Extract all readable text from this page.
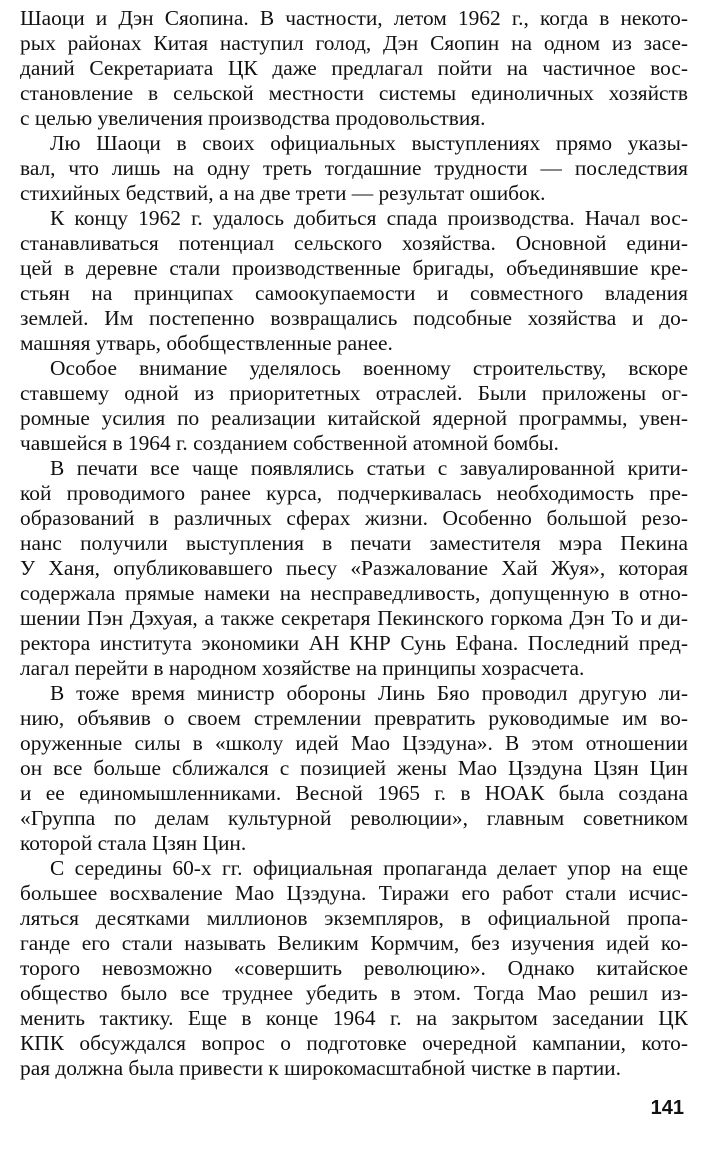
Шаоци и Дэн Сяопина. В частности, летом 1962 г., когда в некото-
рых районах Китая наступил голод, Дэн Сяопин на одном из засе-
даний Секретариата ЦК даже предлагал пойти на частичное вос-
становление в сельской местности системы единоличных хозяйств
с целью увеличения производства продовольствия.
Лю Шаоци в своих официальных выступлениях прямо указы-
вал, что лишь на одну треть тогдашние трудности — последствия
стихийных бедствий, а на две трети — результат ошибок.
К концу 1962 г. удалось добиться спада производства. Начал вос-
станавливаться потенциал сельского хозяйства. Основной едини-
цей в деревне стали производственные бригады, объединявшие кре-
стьян на принципах самоокупаемости и совместного владения
землей. Им постепенно возвращались подсобные хозяйства и до-
машняя утварь, обобществленные ранее.
Особое внимание уделялось военному строительству, вскоре
ставшему одной из приоритетных отраслей. Были приложены ог-
ромные усилия по реализации китайской ядерной программы, увен-
чавшейся в 1964 г. созданием собственной атомной бомбы.
В печати все чаще появлялись статьи с завуалированной крити-
кой проводимого ранее курса, подчеркивалась необходимость пре-
образований в различных сферах жизни. Особенно большой резо-
нанс получили выступления в печати заместителя мэра Пекина
У Ханя, опубликовавшего пьесу «Разжалование Хай Жуя», которая
содержала прямые намеки на несправедливость, допущенную в отно-
шении Пэн Дэхуая, а также секретаря Пекинского горкома Дэн То и ди-
ректора института экономики АН КНР Сунь Ефана. Последний пред-
лагал перейти в народном хозяйстве на принципы хозрасчета.
В тоже время министр обороны Линь Бяо проводил другую ли-
нию, объявив о своем стремлении превратить руководимые им во-
оруженные силы в «школу идей Мао Цзэдуна». В этом отношении
он все больше сближался с позицией жены Мао Цзэдуна Цзян Цин
и ее единомышленниками. Весной 1965 г. в НОАК была создана
«Группа по делам культурной революции», главным советником
которой стала Цзян Цин.
С середины 60-х гг. официальная пропаганда делает упор на еще
большее восхваление Мао Цзэдуна. Тиражи его работ стали исчис-
ляться десятками миллионов экземпляров, в официальной пропа-
ганде его стали называть Великим Кормчим, без изучения идей ко-
торого невозможно «совершить революцию». Однако китайское
общество было все труднее убедить в этом. Тогда Мао решил из-
менить тактику. Еще в конце 1964 г. на закрытом заседании ЦК
КПК обсуждался вопрос о подготовке очередной кампании, кото-
рая должна была привести к широкомасштабной чистке в партии.
141
